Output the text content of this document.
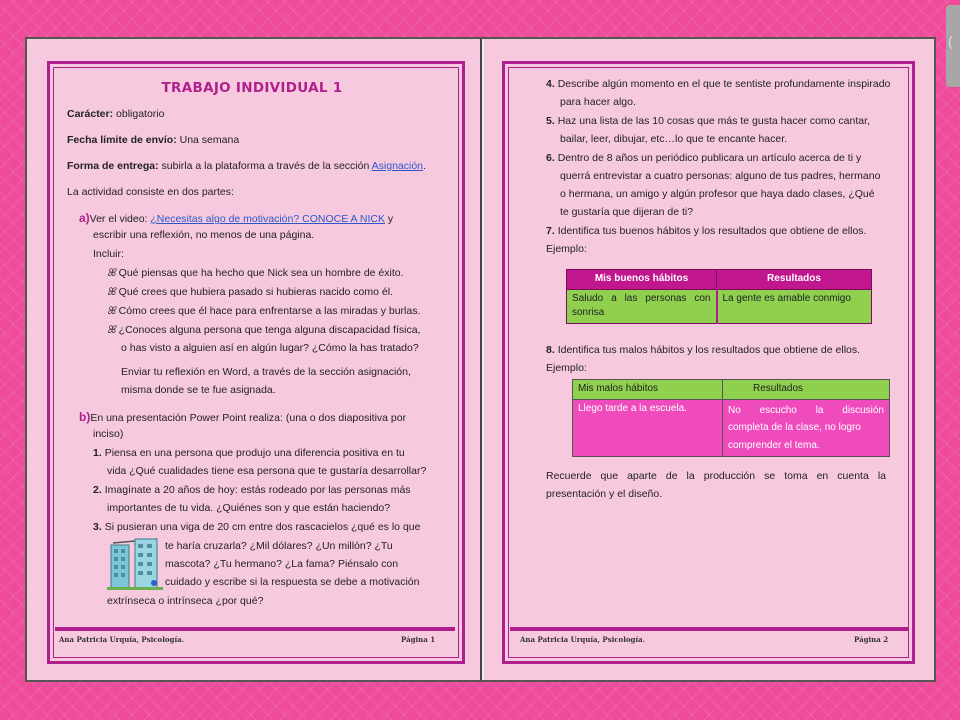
TRABAJO INDIVIDUAL 1
Carácter: obligatorio
Fecha límite de envío: Una semana
Forma de entrega: subirla a la plataforma a través de la sección Asignación.
La actividad consiste en dos partes:
a)Ver el video: ¿Necesitas algo de motivación? CONOCE A NICK y
escribir una reflexión, no menos de una página.
Incluir:
ꕤ Qué piensas que ha hecho que Nick sea un hombre de éxito.
ꕤ Qué crees que hubiera pasado si hubieras nacido como él.
ꕤ Cómo crees que él hace para enfrentarse a las miradas y burlas.
ꕤ ¿Conoces alguna persona que tenga alguna discapacidad física,
o has visto a alguien así en algún lugar? ¿Cómo la has tratado?
Enviar tu reflexión en Word, a través de la sección asignación,
misma donde se te fue asignada.
b)En una presentación Power Point realiza: (una o dos diapositiva por
inciso)
1. Piensa en una persona que produjo una diferencia positiva en tu
vida ¿Qué cualidades tiene esa persona que te gustaría desarrollar?
2. Imagínate a 20 años de hoy: estás rodeado por las personas más
importantes de tu vida. ¿Quiénes son y que están haciendo?
3. Si pusieran una viga de 20 cm entre dos rascacielos ¿qué es lo que
te haría cruzarla? ¿Mil dólares? ¿Un millón? ¿Tu
mascota? ¿Tu hermano? ¿La fama? Piénsalo con
cuidado y escribe si la respuesta se debe a motivación
extrínseca o intrínseca ¿por qué?
Ana Patricia Urquía, Psicología.	Página 1
4. Describe algún momento en el que te sentiste profundamente inspirado
para hacer algo.
5. Haz una lista de las 10 cosas que más te gusta hacer como cantar,
bailar, leer, dibujar, etc…lo que te encante hacer.
6. Dentro de 8 años un periódico publicara un artículo acerca de ti y
querrá entrevistar a cuatro personas: alguno de tus padres, hermano
o hermana, un amigo y algún profesor que haya dado clases, ¿Qué
te gustaría que dijeran de ti?
7. Identifica tus buenos hábitos y los resultados que obtiene de ellos.
Ejemplo:
Mis buenos hábitos	Resultados

Saludo a las personas con
sonrisa	La gente es amable conmigo
8. Identifica tus malos hábitos y los resultados que obtiene de ellos.
Ejemplo:
Mis malos hábitos	Resultados
Llego tarde a la escuela.	No escucho la discusión
completa de la clase, no logro
comprender el tema.
Recuerde que aparte de la producción se toma en cuenta la
presentación y el diseño.
Ana Patricia Urquía, Psicología.	Página 2
(
